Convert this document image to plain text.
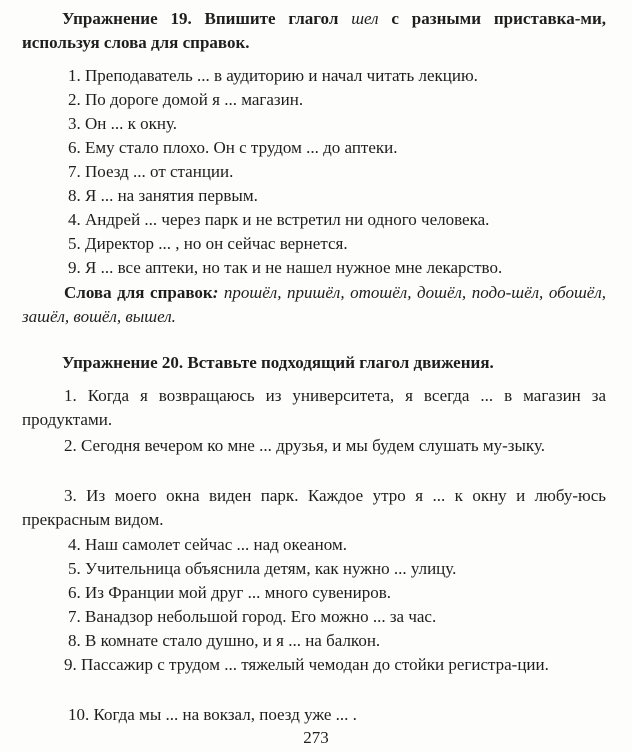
Упражнение 19. Впишите глагол шел с разными приставка-ми, используя слова для справок.
1. Преподаватель ... в аудиторию и начал читать лекцию.
2. По дороге домой я ... магазин.
3. Он ... к окну.
6. Ему стало плохо. Он с трудом ... до аптеки.
7. Поезд ... от станции.
8. Я ... на занятия первым.
4. Андрей ... через парк и не встретил ни одного человека.
5. Директор ... , но он сейчас вернется.
9. Я ... все аптеки, но так и не нашел нужное мне лекарство.
Слова для справок: прошёл, пришёл, отошёл, дошёл, подо-шёл, обошёл, зашёл, вошёл, вышел.
Упражнение 20. Вставьте подходящий глагол движения.
1. Когда я возвращаюсь из университета, я всегда ... в магазин за продуктами.
2. Сегодня вечером ко мне ... друзья, и мы будем слушать му-зыку.
3. Из моего окна виден парк. Каждое утро я ... к окну и любу-юсь прекрасным видом.
4. Наш самолет сейчас ... над океаном.
5. Учительница объяснила детям, как нужно ... улицу.
6. Из Франции мой друг ... много сувениров.
7. Ванадзор небольшой город. Его можно ... за час.
8. В комнате стало душно, и я ... на балкон.
9. Пассажир с трудом ... тяжелый чемодан до стойки регистра-ции.
10. Когда мы ... на вокзал, поезд уже ... .
273
